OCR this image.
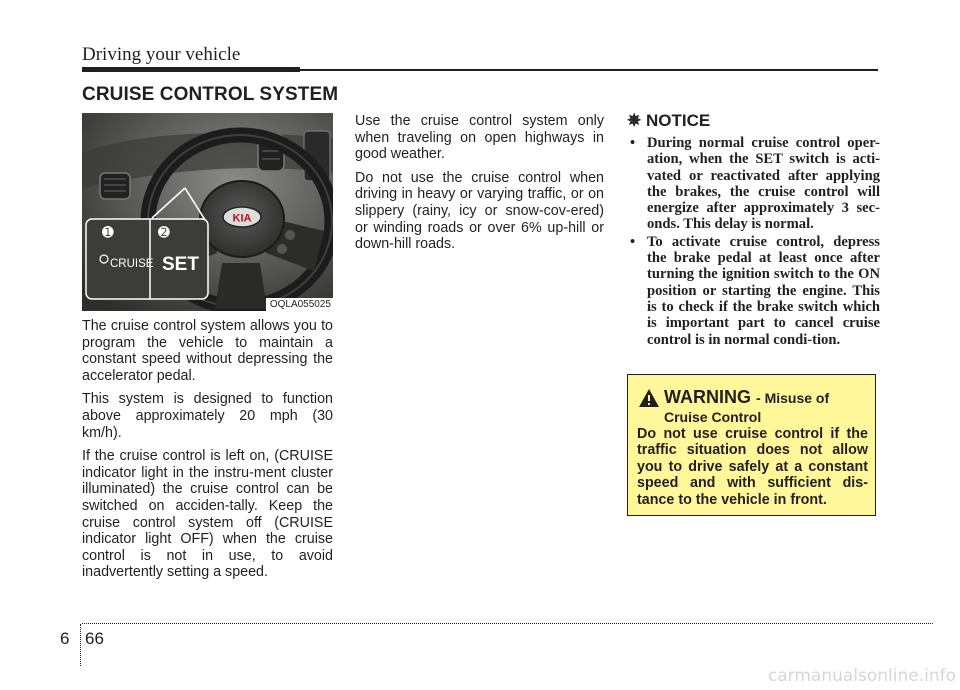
Driving your vehicle
CRUISE CONTROL SYSTEM
KIA
➊	➋
CRUISE SET
OQLA055025

The cruise control system allows you to program the vehicle to maintain a constant speed without depressing the accelerator pedal.

This system is designed to function above approximately 20 mph (30 km/h).

If the cruise control is left on, (CRUISE indicator light in the instru-ment cluster illuminated) the cruise control can be switched on acciden-tally. Keep the cruise control system off (CRUISE indicator light OFF) when the cruise control is not in use, to avoid inadvertently setting a speed.

Use the cruise control system only when traveling on open highways in good weather.

Do not use the cruise control when driving in heavy or varying traffic, or on slippery (rainy, icy or snow-cov-ered) or winding roads or over 6% up-hill or down-hill roads.

✵ NOTICE
• During normal cruise control oper-ation, when the SET switch is acti-vated or reactivated after applying the brakes, the cruise control will energize after approximately 3 sec-onds. This delay is normal.
• To activate cruise control, depress the brake pedal at least once after turning the ignition switch to the ON position or starting the engine. This is to check if the brake switch which is important part to cancel cruise control is in normal condi-tion.
WARNING - Misuse of Cruise Control
Do not use cruise control if the traffic situation does not allow you to drive safely at a constant speed and with sufficient dis-tance to the vehicle in front.
6 66
carmanualsonline.info
